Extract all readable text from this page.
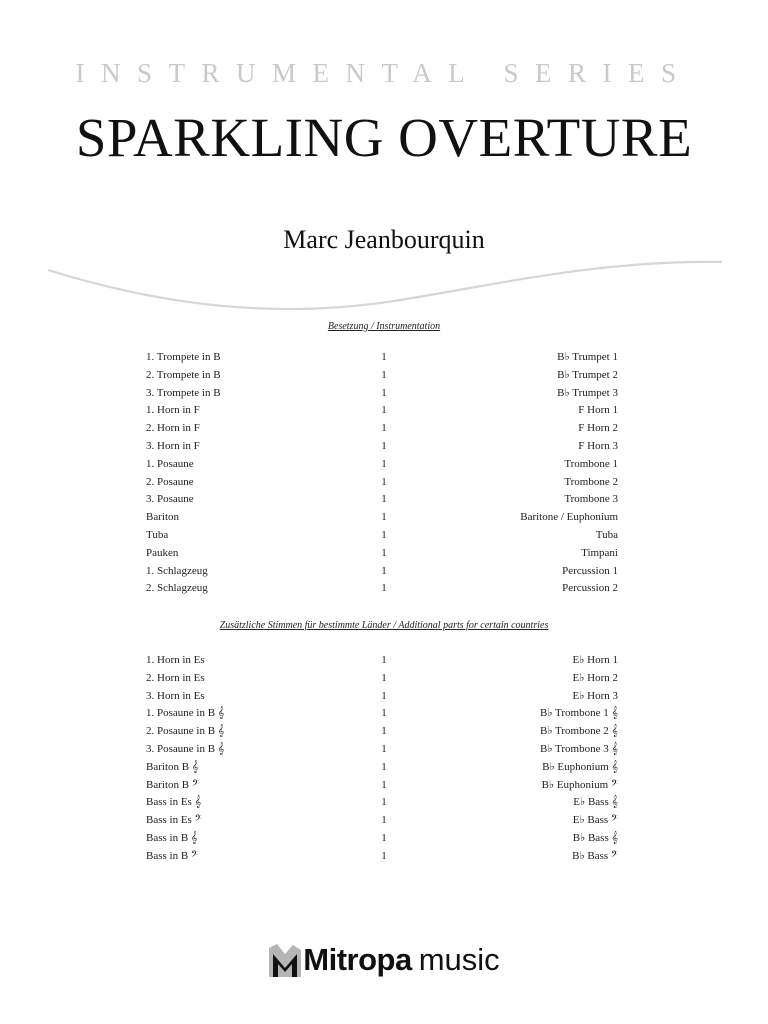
INSTRUMENTAL SERIES
SPARKLING OVERTURE
Marc Jeanbourquin
Besetzung / Instrumentation
1. Trompete in B	1	B♭ Trumpet 1
2. Trompete in B	1	B♭ Trumpet 2
3. Trompete in B	1	B♭ Trumpet 3
1. Horn in F	1	F Horn 1
2. Horn in F	1	F Horn 2
3. Horn in F	1	F Horn 3
1. Posaune	1	Trombone 1
2. Posaune	1	Trombone 2
3. Posaune	1	Trombone 3
Bariton	1	Baritone / Euphonium
Tuba	1	Tuba
Pauken	1	Timpani
1. Schlagzeug	1	Percussion 1
2. Schlagzeug	1	Percussion 2
Zusätzliche Stimmen für bestimmte Länder / Additional parts for certain countries
1. Horn in Es	1	E♭ Horn 1
2. Horn in Es	1	E♭ Horn 2
3. Horn in Es	1	E♭ Horn 3
1. Posaune in B 𝄞	1	B♭ Trombone 1 𝄞
2. Posaune in B 𝄞	1	B♭ Trombone 2 𝄞
3. Posaune in B 𝄞	1	B♭ Trombone 3 𝄞
Bariton B 𝄞	1	B♭ Euphonium 𝄞
Bariton B 𝄢	1	B♭ Euphonium 𝄢
Bass in Es 𝄞	1	E♭ Bass 𝄞
Bass in Es 𝄢	1	E♭ Bass 𝄢
Bass in B 𝄞	1	B♭ Bass 𝄞
Bass in B 𝄢	1	B♭ Bass 𝄢
Mitropa music
